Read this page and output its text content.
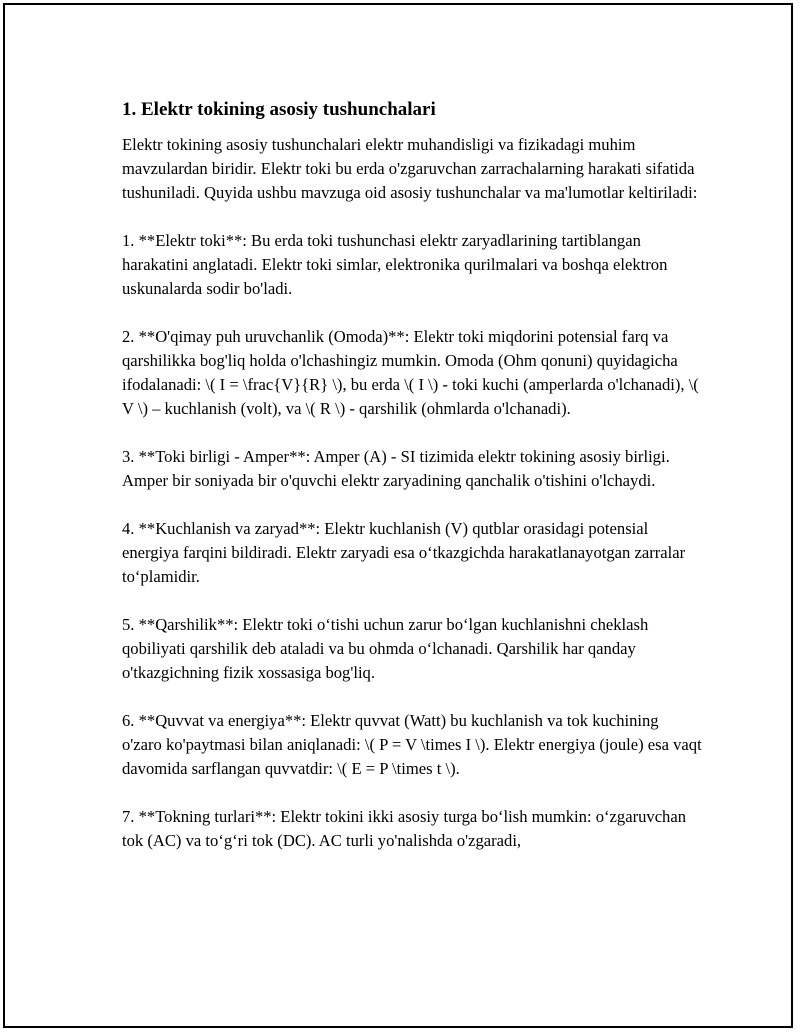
1. Elektr tokining asosiy tushunchalari

Elektr tokining asosiy tushunchalari elektr muhandisligi va fizikadagi muhim mavzulardan biridir. Elektr toki bu erda o'zgaruvchan zarrachalarning harakati sifatida tushuniladi. Quyida ushbu mavzuga oid asosiy tushunchalar va ma'lumotlar keltiriladi:

1. **Elektr toki**: Bu erda toki tushunchasi elektr zaryadlarining tartiblangan harakatini anglatadi. Elektr toki simlar, elektronika qurilmalari va boshqa elektron uskunalarda sodir bo'ladi.

2. **O'qimay puh uruvchanlik (Omoda)**: Elektr toki miqdorini potensial farq va qarshilikka bog'liq holda o'lchashingiz mumkin. Omoda (Ohm qonuni) quyidagicha ifodalanadi: \( I = \frac{V}{R} \), bu erda \( I \) - toki kuchi (amperlarda o'lchanadi), \( V \) – kuchlanish (volt), va \( R \) - qarshilik (ohmlarda o'lchanadi).

3. **Toki birligi - Amper**: Amper (A) - SI tizimida elektr tokining asosiy birligi. Amper bir soniyada bir o'quvchi elektr zaryadining qanchalik o'tishini o'lchaydi.

4. **Kuchlanish va zaryad**: Elektr kuchlanish (V) qutblar orasidagi potensial energiya farqini bildiradi. Elektr zaryadi esa o‘tkazgichda harakatlanayotgan zarralar to‘plamidir.

5. **Qarshilik**: Elektr toki o‘tishi uchun zarur bo‘lgan kuchlanishni cheklash qobiliyati qarshilik deb ataladi va bu ohmda o‘lchanadi. Qarshilik har qanday o'tkazgichning fizik xossasiga bog'liq.

6. **Quvvat va energiya**: Elektr quvvat (Watt) bu kuchlanish va tok kuchining o'zaro ko'paytmasi bilan aniqlanadi: \( P = V \times I \). Elektr energiya (joule) esa vaqt davomida sarflangan quvvatdir: \( E = P \times t \).

7. **Tokning turlari**: Elektr tokini ikki asosiy turga bo‘lish mumkin: o‘zgaruvchan tok (AC) va to‘g‘ri tok (DC). AC turli yo'nalishda o'zgaradi,
